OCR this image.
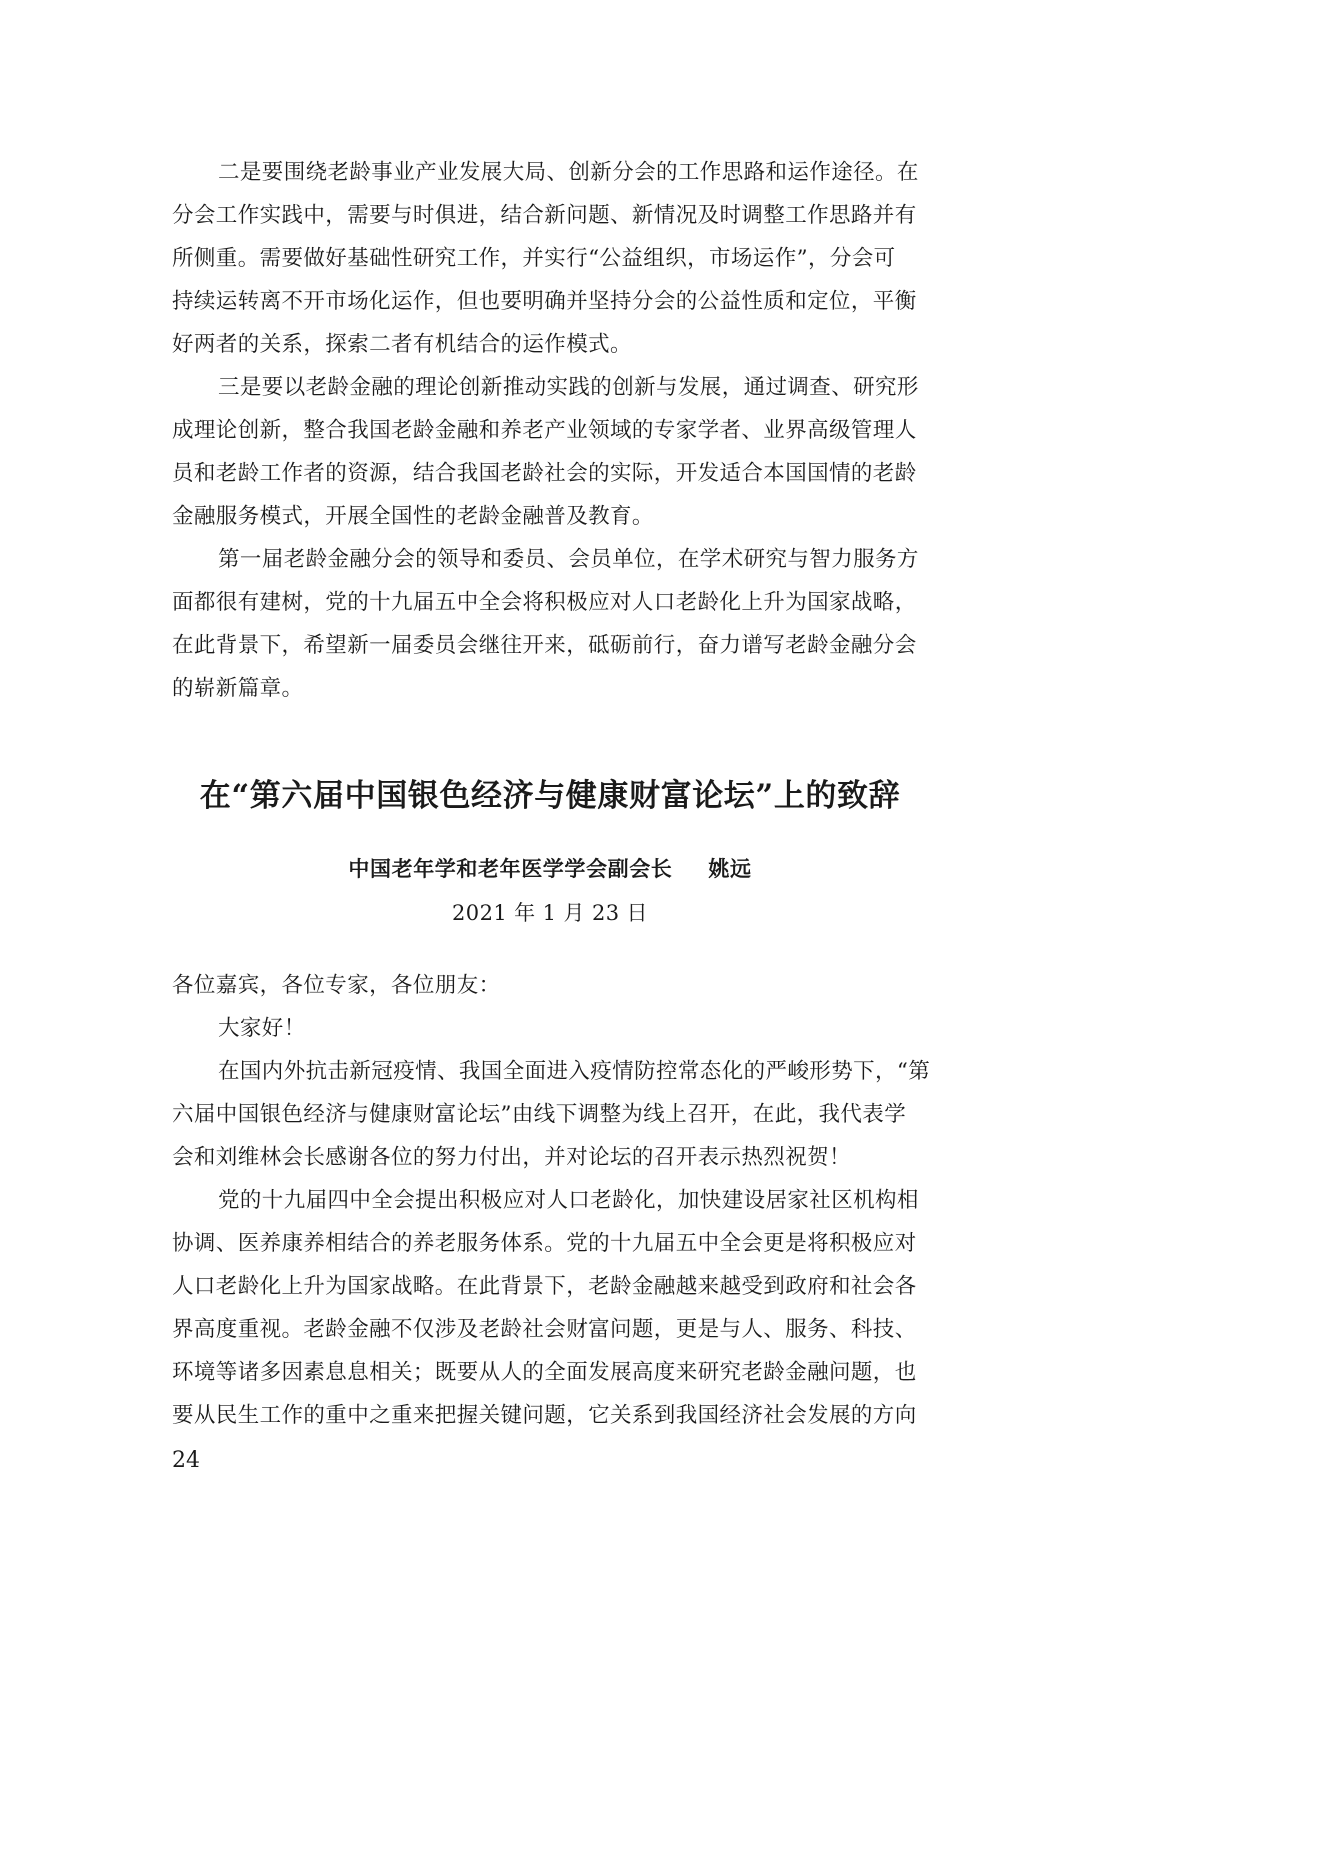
二是要围绕老龄事业产业发展大局、创新分会的工作思路和运作途径。在
分会工作实践中，需要与时俱进，结合新问题、新情况及时调整工作思路并有
所侧重。需要做好基础性研究工作，并实行“公益组织，市场运作”，分会可
持续运转离不开市场化运作，但也要明确并坚持分会的公益性质和定位，平衡
好两者的关系，探索二者有机结合的运作模式。
三是要以老龄金融的理论创新推动实践的创新与发展，通过调查、研究形
成理论创新，整合我国老龄金融和养老产业领域的专家学者、业界高级管理人
员和老龄工作者的资源，结合我国老龄社会的实际，开发适合本国国情的老龄
金融服务模式，开展全国性的老龄金融普及教育。
第一届老龄金融分会的领导和委员、会员单位，在学术研究与智力服务方
面都很有建树，党的十九届五中全会将积极应对人口老龄化上升为国家战略，
在此背景下，希望新一届委员会继往开来，砥砺前行，奋力谱写老龄金融分会
的崭新篇章。
在“第六届中国银色经济与健康财富论坛”上的致辞
中国老年学和老年医学学会副会长 姚远
2021 年 1 月 23 日
各位嘉宾，各位专家，各位朋友：
大家好！
在国内外抗击新冠疫情、我国全面进入疫情防控常态化的严峻形势下，“第
六届中国银色经济与健康财富论坛”由线下调整为线上召开，在此，我代表学
会和刘维林会长感谢各位的努力付出，并对论坛的召开表示热烈祝贺！
党的十九届四中全会提出积极应对人口老龄化，加快建设居家社区机构相
协调、医养康养相结合的养老服务体系。党的十九届五中全会更是将积极应对
人口老龄化上升为国家战略。在此背景下，老龄金融越来越受到政府和社会各
界高度重视。老龄金融不仅涉及老龄社会财富问题，更是与人、服务、科技、
环境等诸多因素息息相关；既要从人的全面发展高度来研究老龄金融问题，也
要从民生工作的重中之重来把握关键问题，它关系到我国经济社会发展的方向
24
